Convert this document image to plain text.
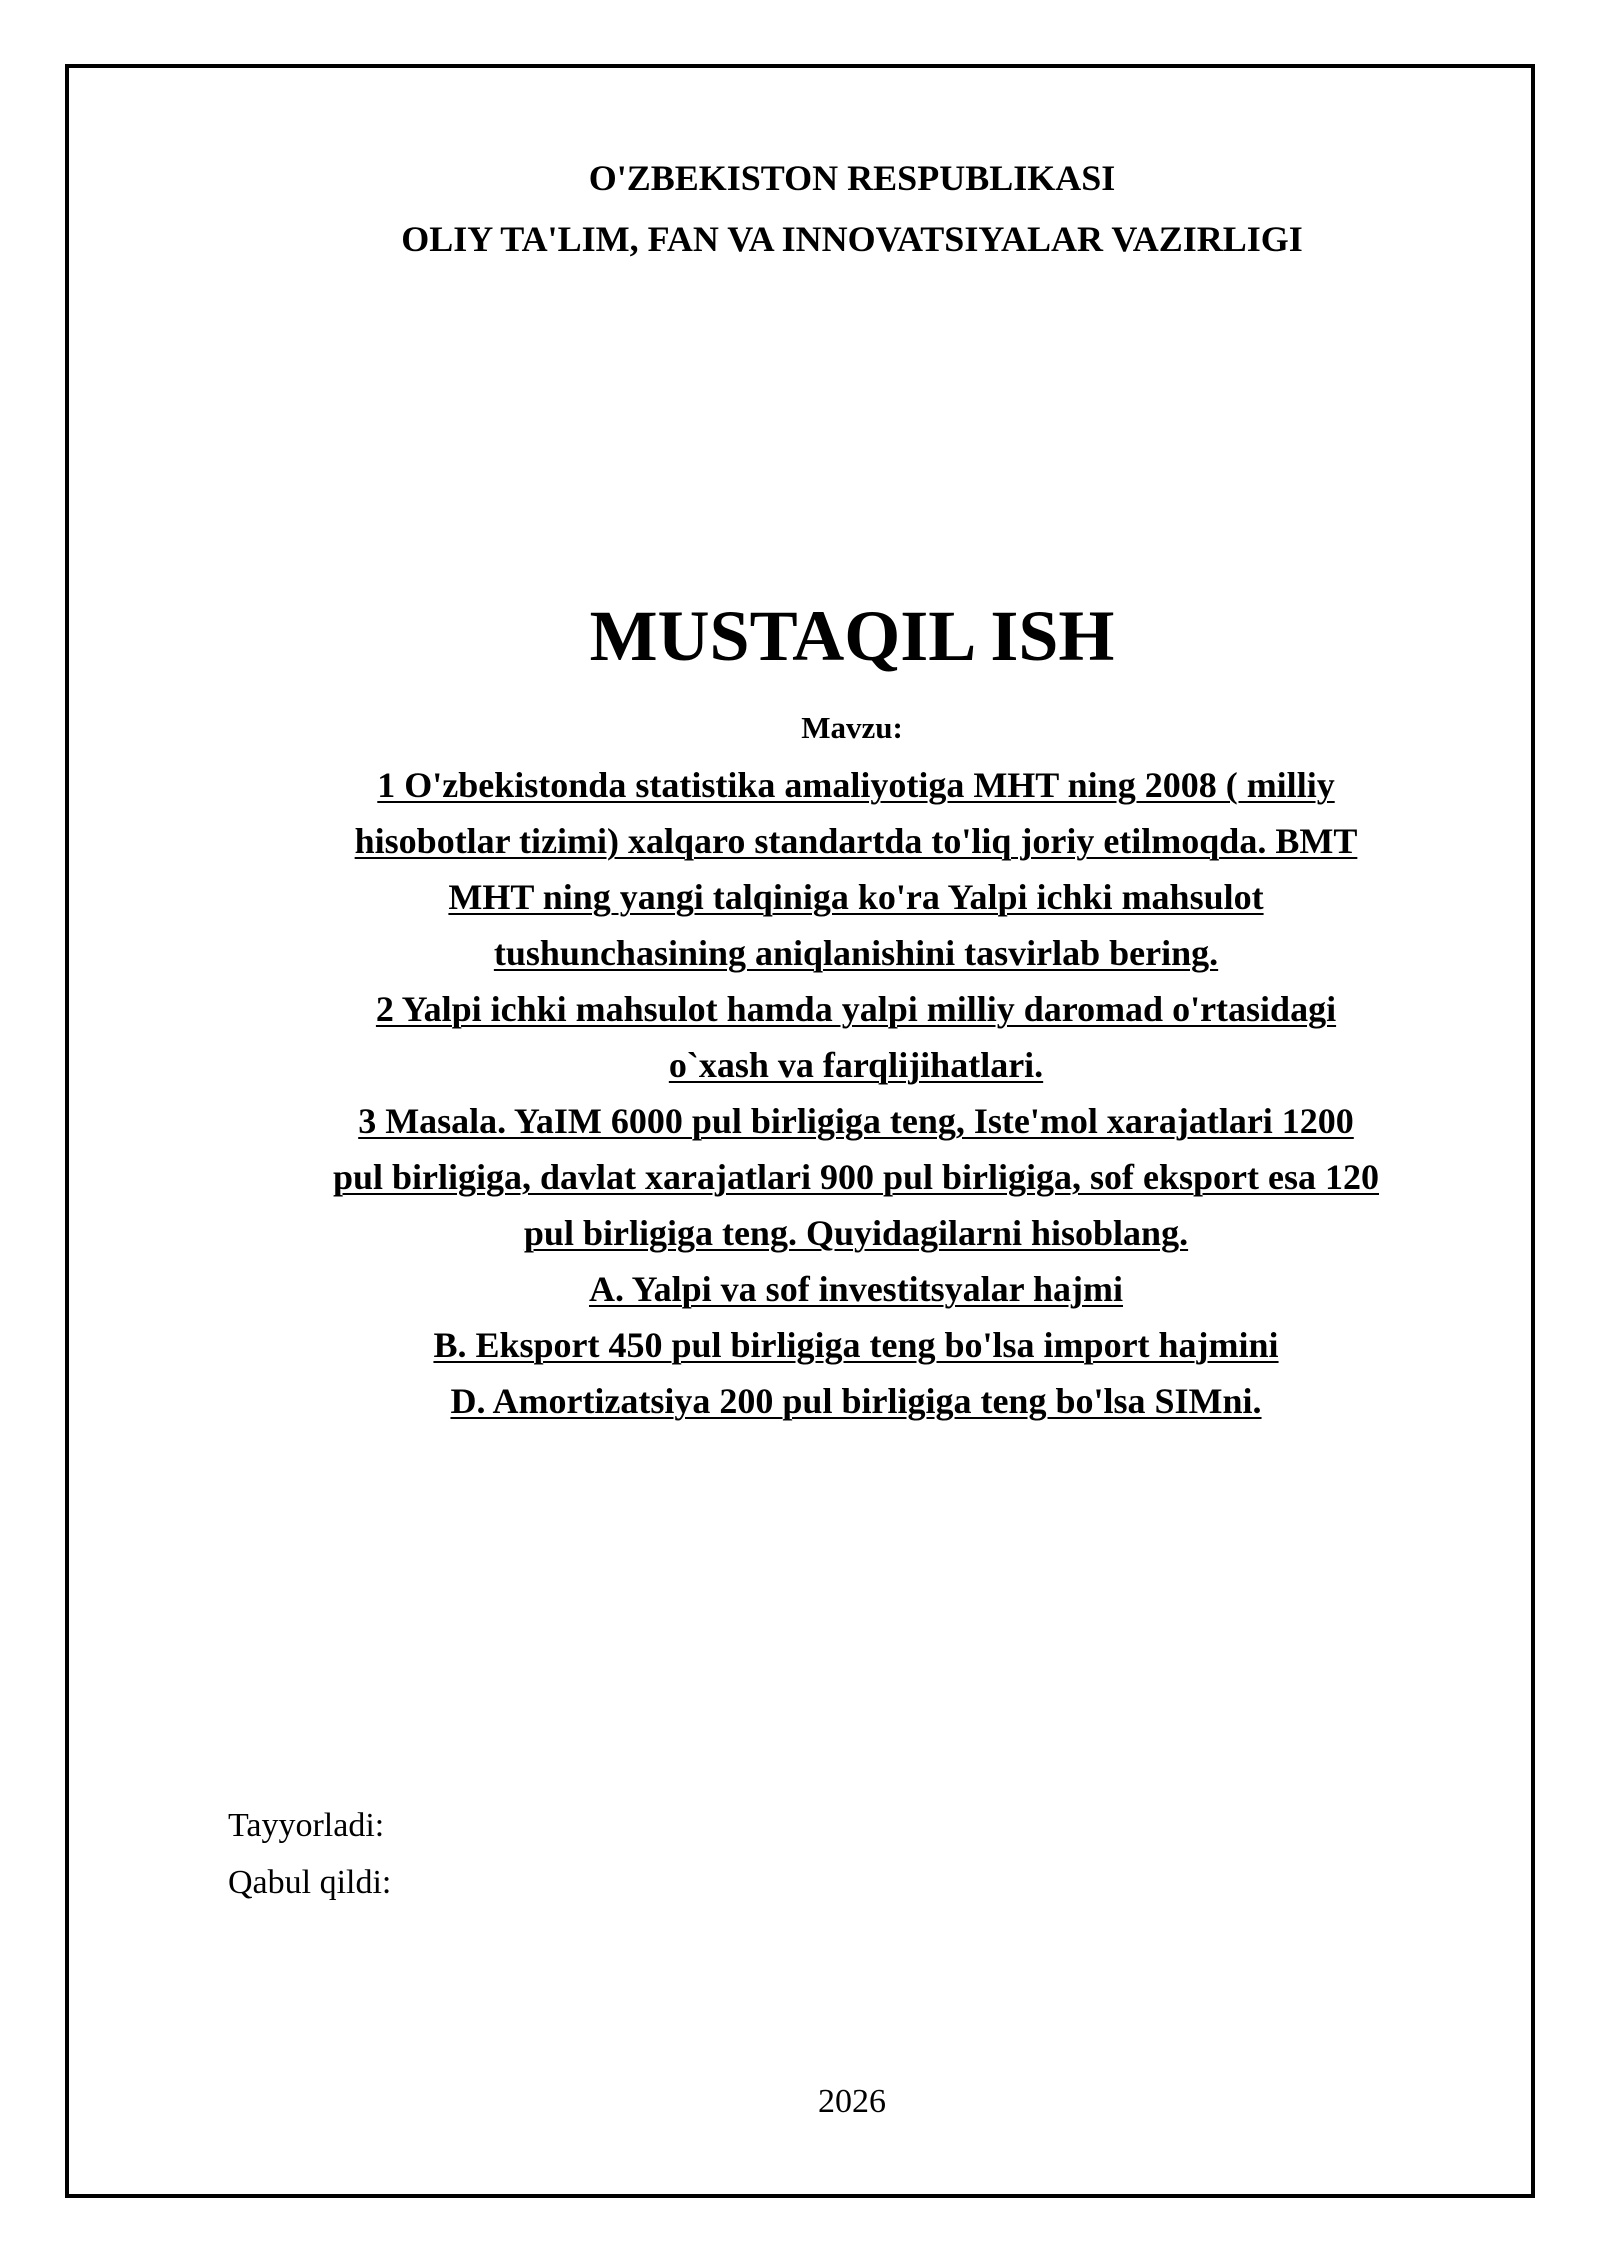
O'ZBEKISTON RESPUBLIKASI
OLIY TA'LIM, FAN VA INNOVATSIYALAR VAZIRLIGI
MUSTAQIL ISH
Mavzu:
1 O'zbekistonda statistika amaliyotiga MHT ning 2008 ( milliy
hisobotlar tizimi) xalqaro standartda to'liq joriy etilmoqda. BMT
MHT ning yangi talqiniga ko'ra Yalpi ichki mahsulot
tushunchasining aniqlanishini tasvirlab bering.
2 Yalpi ichki mahsulot hamda yalpi milliy daromad o'rtasidagi
o`xash va farqlijihatlari.
3 Masala. YaIM 6000 pul birligiga teng, Iste'mol xarajatlari 1200
pul birligiga, davlat xarajatlari 900 pul birligiga, sof eksport esa 120
pul birligiga teng. Quyidagilarni hisoblang.
A. Yalpi va sof investitsyalar hajmi
B. Eksport 450 pul birligiga teng bo'lsa import hajmini
D. Amortizatsiya 200 pul birligiga teng bo'lsa SIMni.
Tayyorladi:
Qabul qildi:
2026
